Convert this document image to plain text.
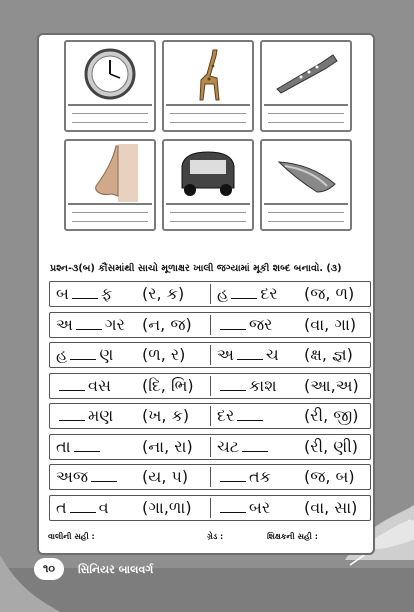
પ્રશ્ન-૩(બ) કૌંસમાંથી સાચો મૂળાક્ષર ખાલી જગ્યામાં મૂકી શબ્દ બનાવો. (૩)
બ ફ (ર, ક) હ દર (જ, ળ)
અ ગર (ન, જ)	જર (વા, ગા)
હ ણ (ળ, ર) અ ચ (ક્ષ, જ્ઞ)
વસ (દિ, ભિ)	કાશ (આ,અ)
મણ (ખ, ક) દર	(રી, જી)
તા	(ના, રા) ચટ	(રી, ણી)
અજ	(ય, પ)	તક (જ, બ)
ત વ (ગા,ળા)	બર (વા, સા)
વાલીની સહી :	ગ્રેડ :	શિક્ષકની સહી :
૧૦	સિનિયર બાલવર્ગ
અલંકાર - સમાંત ઐસાર્ડિયન્ટ
